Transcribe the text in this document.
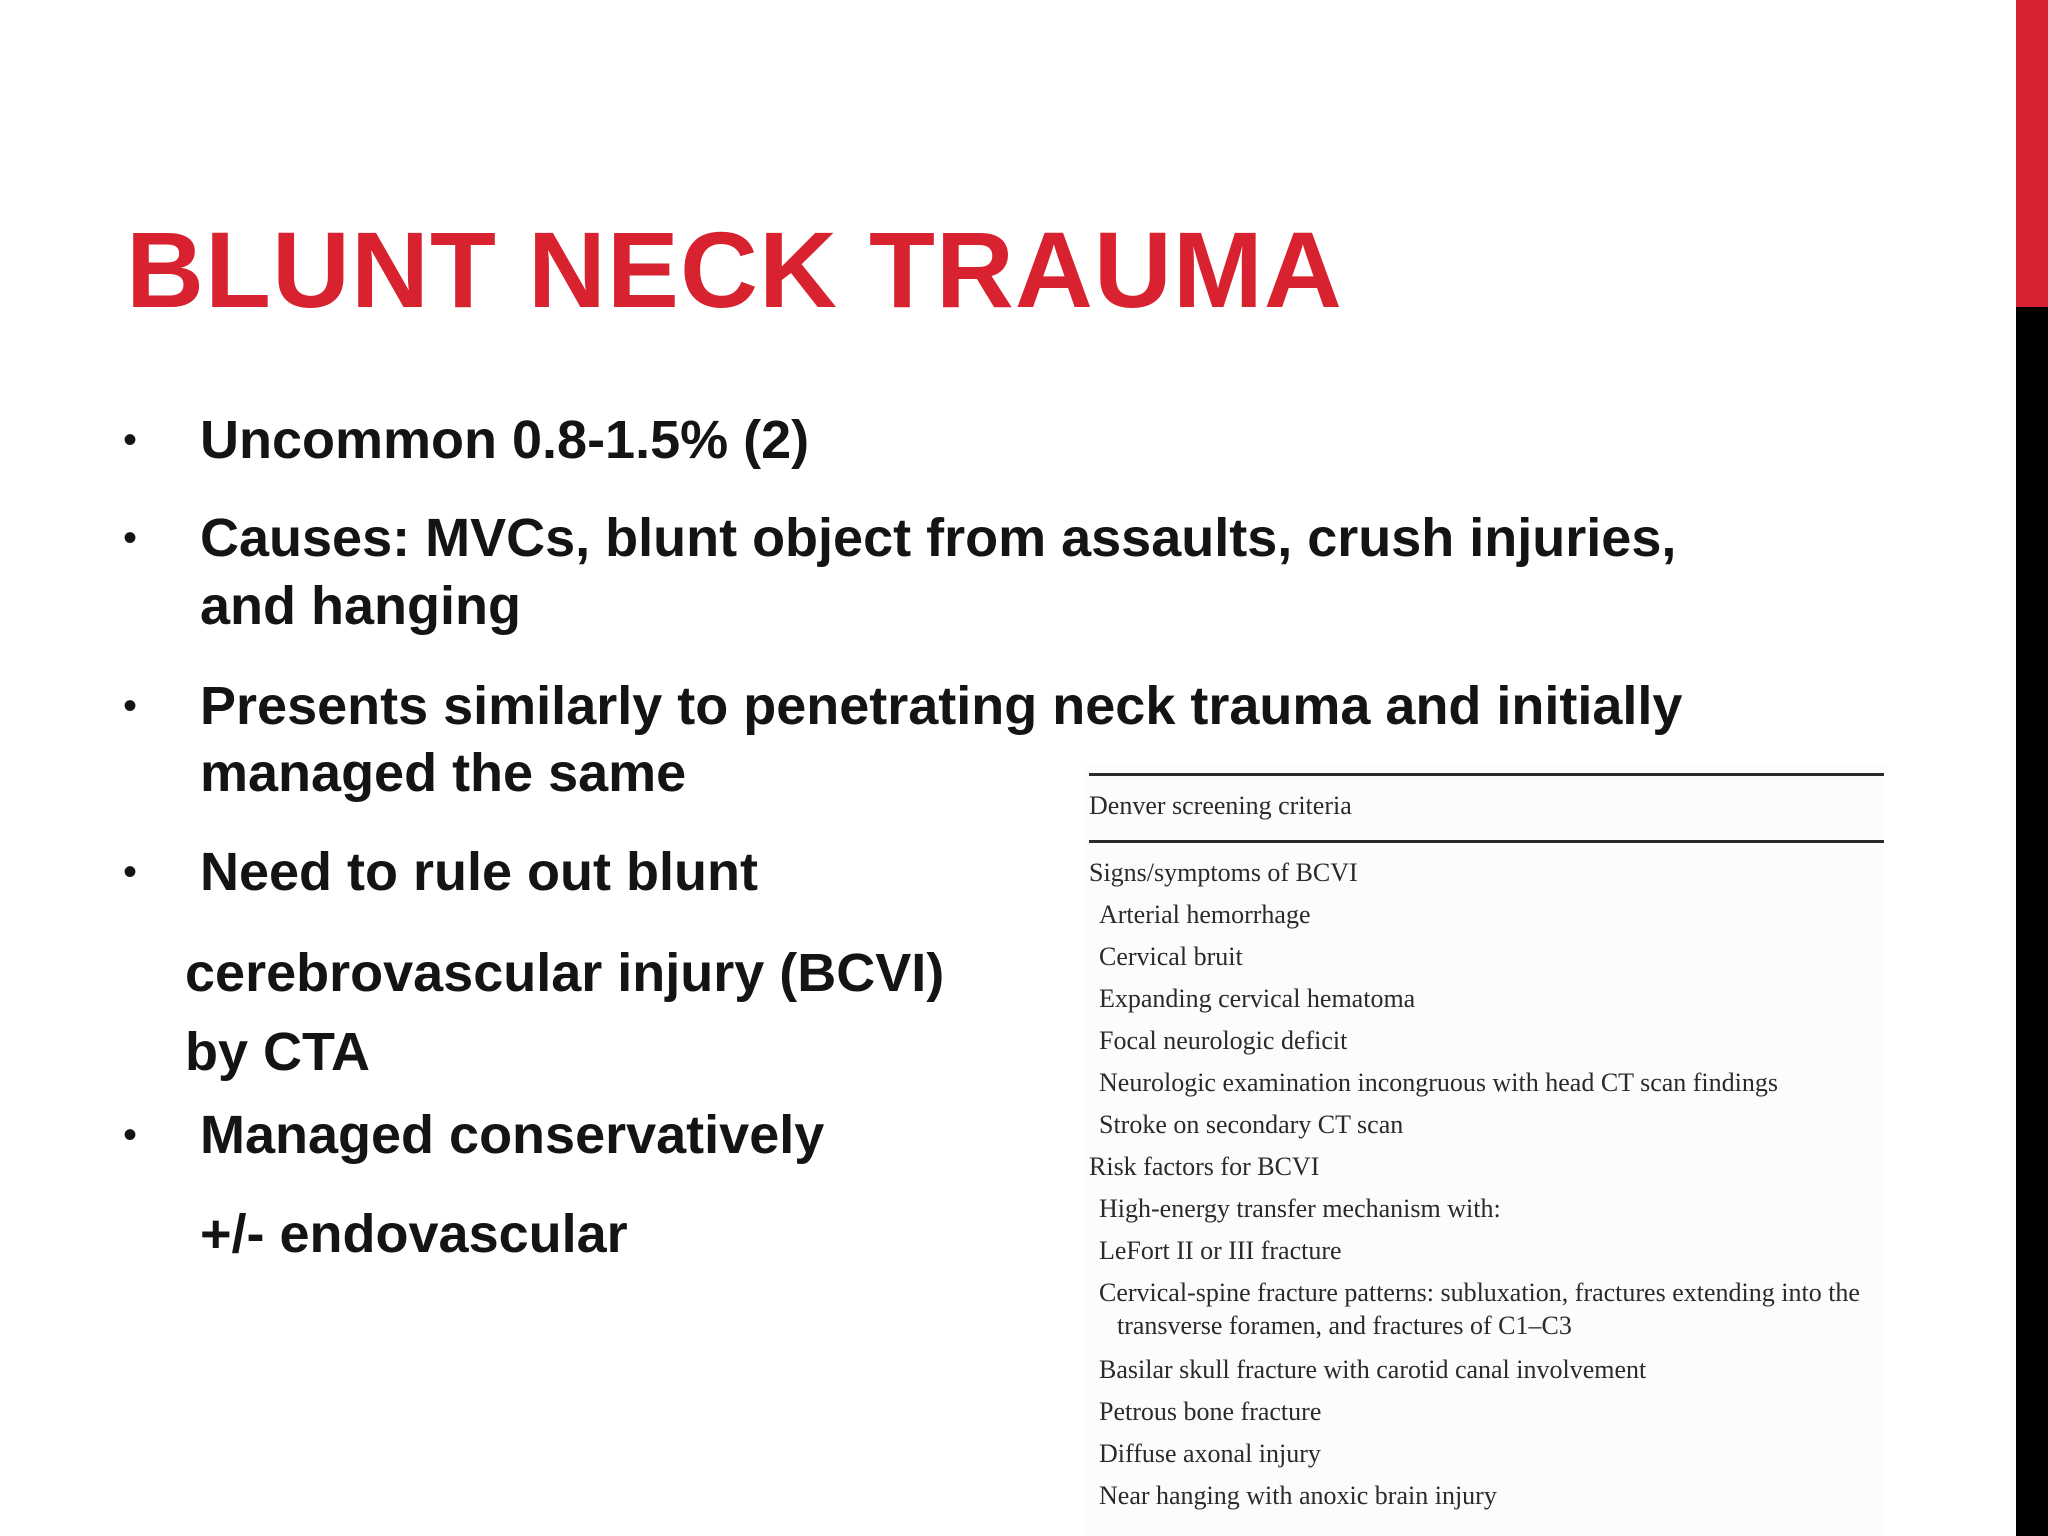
BLUNT NECK TRAUMA
• Uncommon 0.8-1.5% (2)
• Causes: MVCs, blunt object from assaults, crush injuries,
and hanging
• Presents similarly to penetrating neck trauma and initially
managed the same
• Need to rule out blunt
cerebrovascular injury (BCVI)
by CTA
• Managed conservatively
+/- endovascular
Denver screening criteria
Signs/symptoms of BCVI
Arterial hemorrhage
Cervical bruit
Expanding cervical hematoma
Focal neurologic deficit
Neurologic examination incongruous with head CT scan findings
Stroke on secondary CT scan
Risk factors for BCVI
High-energy transfer mechanism with:
LeFort II or III fracture
Cervical-spine fracture patterns: subluxation, fractures extending into the
transverse foramen, and fractures of C1–C3
Basilar skull fracture with carotid canal involvement
Petrous bone fracture
Diffuse axonal injury
Near hanging with anoxic brain injury
